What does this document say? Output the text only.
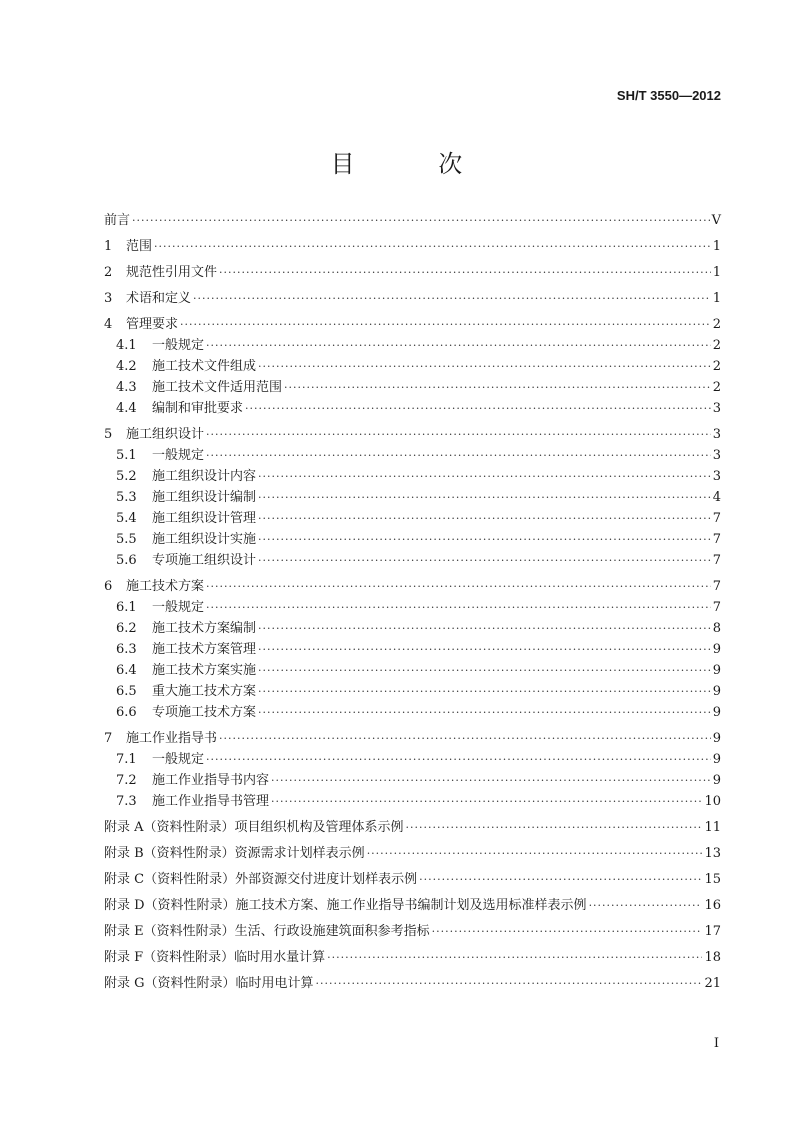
SH/T 3550—2012
目 次
前言 ·····	V
1	范围 ·····	1
2	规范性引用文件 ·····	1
3	术语和定义 ·····	1
4	管理要求 ·····	2
4.1	一般规定 ·····	2
4.2	施工技术文件组成 ·····	2
4.3	施工技术文件适用范围 ·····	2
4.4	编制和审批要求 ·····	3
5	施工组织设计 ·····	3
5.1	一般规定 ·····	3
5.2	施工组织设计内容 ·····	3
5.3	施工组织设计编制 ·····	4
5.4	施工组织设计管理 ·····	7
5.5	施工组织设计实施 ·····	7
5.6	专项施工组织设计 ·····	7
6	施工技术方案 ·····	7
6.1	一般规定 ·····	7
6.2	施工技术方案编制 ·····	8
6.3	施工技术方案管理 ·····	9
6.4	施工技术方案实施 ·····	9
6.5	重大施工技术方案 ·····	9
6.6	专项施工技术方案 ·····	9
7	施工作业指导书 ·····	9
7.1	一般规定 ·····	9
7.2	施工作业指导书内容 ·····	9
7.3	施工作业指导书管理 ·····	10
附录 A（资料性附录）项目组织机构及管理体系示例 ·····	11
附录 B（资料性附录）资源需求计划样表示例 ·····	13
附录 C（资料性附录）外部资源交付进度计划样表示例 ·····	15
附录 D（资料性附录）施工技术方案、施工作业指导书编制计划及选用标准样表示例 ·····	16
附录 E（资料性附录）生活、行政设施建筑面积参考指标 ·····	17
附录 F（资料性附录）临时用水量计算 ·····	18
附录 G（资料性附录）临时用电计算 ·····	21
I
